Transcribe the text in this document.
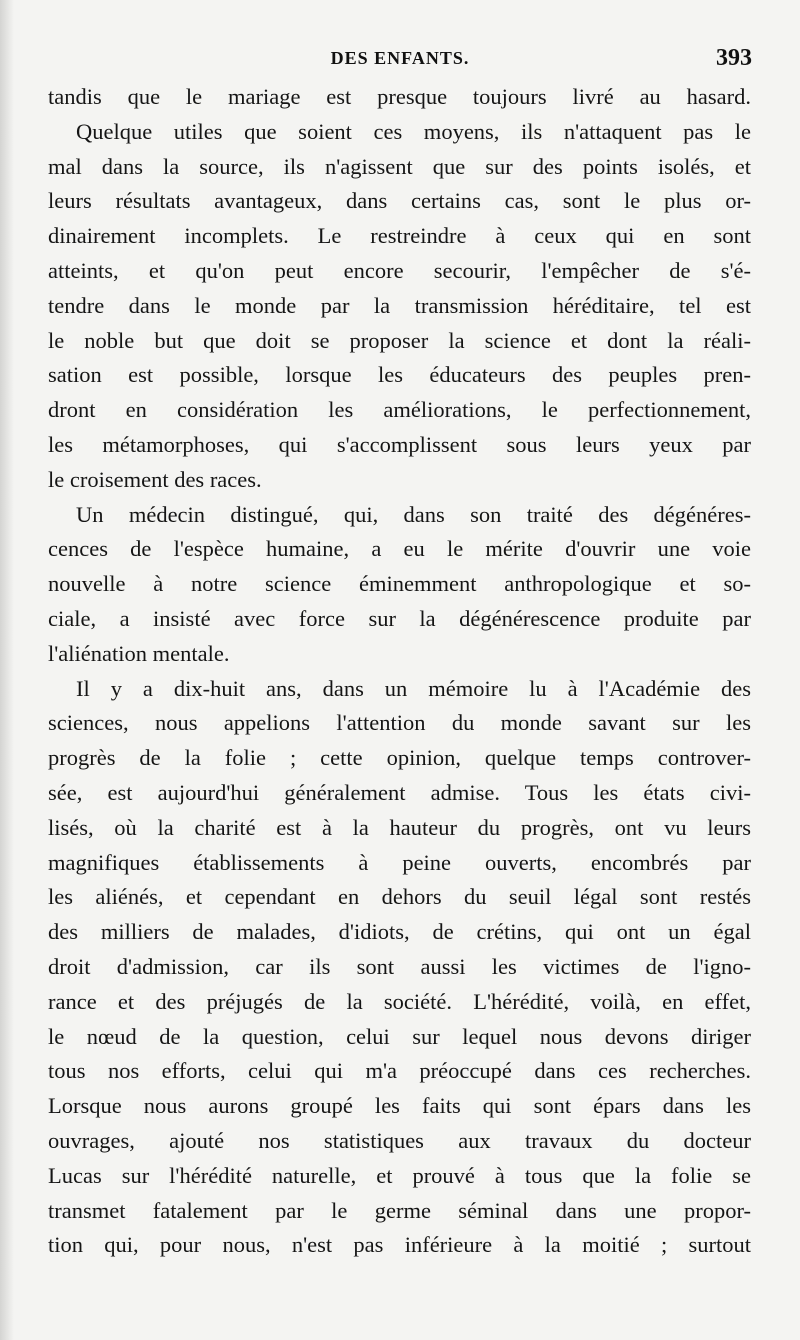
DES ENFANTS.	393
tandis que le mariage est presque toujours livré au hasard.
Quelque utiles que soient ces moyens, ils n'attaquent pas le
mal dans la source, ils n'agissent que sur des points isolés, et
leurs résultats avantageux, dans certains cas, sont le plus or-
dinairement incomplets. Le restreindre à ceux qui en sont
atteints, et qu'on peut encore secourir, l'empêcher de s'é-
tendre dans le monde par la transmission héréditaire, tel est
le noble but que doit se proposer la science et dont la réali-
sation est possible, lorsque les éducateurs des peuples pren-
dront en considération les améliorations, le perfectionnement,
les métamorphoses, qui s'accomplissent sous leurs yeux par
le croisement des races.
Un médecin distingué, qui, dans son traité des dégénéres-
cences de l'espèce humaine, a eu le mérite d'ouvrir une voie
nouvelle à notre science éminemment anthropologique et so-
ciale, a insisté avec force sur la dégénérescence produite par
l'aliénation mentale.
Il y a dix-huit ans, dans un mémoire lu à l'Académie des
sciences, nous appelions l'attention du monde savant sur les
progrès de la folie ; cette opinion, quelque temps controver-
sée, est aujourd'hui généralement admise. Tous les états civi-
lisés, où la charité est à la hauteur du progrès, ont vu leurs
magnifiques établissements à peine ouverts, encombrés par
les aliénés, et cependant en dehors du seuil légal sont restés
des milliers de malades, d'idiots, de crétins, qui ont un égal
droit d'admission, car ils sont aussi les victimes de l'igno-
rance et des préjugés de la société. L'hérédité, voilà, en effet,
le nœud de la question, celui sur lequel nous devons diriger
tous nos efforts, celui qui m'a préoccupé dans ces recherches.
Lorsque nous aurons groupé les faits qui sont épars dans les
ouvrages, ajouté nos statistiques aux travaux du docteur
Lucas sur l'hérédité naturelle, et prouvé à tous que la folie se
transmet fatalement par le germe séminal dans une propor-
tion qui, pour nous, n'est pas inférieure à la moitié ; surtout
